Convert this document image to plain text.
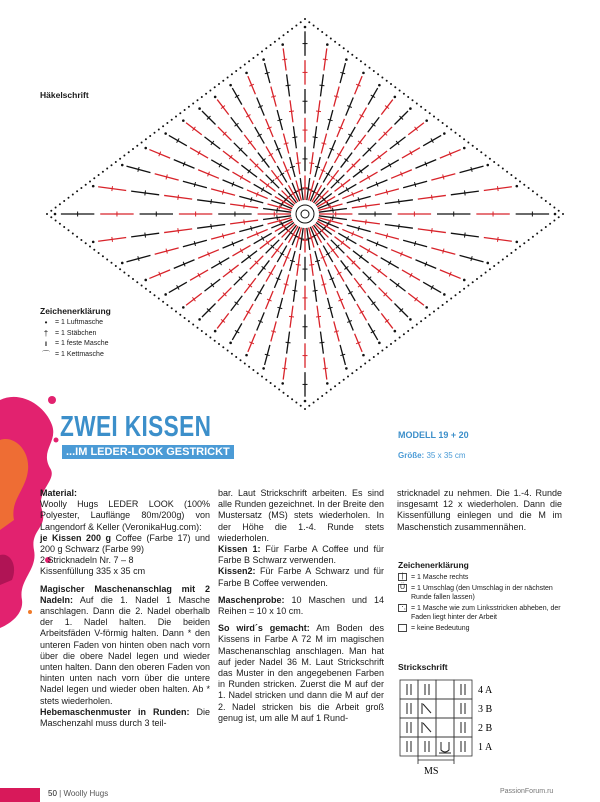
Häkelschrift
Zeichenerklärung
•	= 1 Luftmasche
† = 1 Stäbchen
ı	= 1 feste Masche
⌒ = 1 Kettmasche
ZWEI KISSEN
...IM LEDER-LOOK GESTRICKT
MODELL 19 + 20
Größe: 35 x 35 cm

Material:
Woolly Hugs LEDER LOOK (100% Polyester, Lauflänge 80m/200g) von Langendorf & Keller (VeronikaHug.com):
je Kissen 200 g Coffee (Farbe 17) und 200 g Schwarz (Farbe 99)
2 Stricknadeln Nr. 7 – 8
Kissenfüllung 335 x 35 cm

Magischer Maschenanschlag mit 2 Nadeln: Auf die 1. Nadel 1 Masche anschlagen. Dann die 2. Nadel oberhalb der 1. Nadel halten. Die beiden Arbeitsfäden V-förmig halten. Dann * den unteren Faden von hinten oben nach vorn über die obere Nadel legen und wieder unten halten. Dann den oberen Faden von hinten unten nach vorn über die untere Nadel legen und wieder oben halten. Ab * stets wiederholen.
Hebemaschenmuster in Runden: Die Maschenzahl muss durch 3 teil-

bar. Laut Strickschrift arbeiten. Es sind alle Runden gezeichnet. In der Breite den Mustersatz (MS) stets wiederholen. In der Höhe die 1.-4. Runde stets wiederholen.
Kissen 1: Für Farbe A Coffee und für Farbe B Schwarz verwenden.
Kissen2: Für Farbe A Schwarz und für Farbe B Coffee verwenden.

Maschenprobe: 10 Maschen und 14 Reihen = 10 x 10 cm.

So wird´s gemacht: Am Boden des Kissens in Farbe A 72 M im magischen Maschenanschlag anschlagen. Man hat auf jeder Nadel 36 M. Laut Strickschrift das Muster in den angegebenen Farben in Runden stricken. Zuerst die M auf der 1. Nadel stricken und dann die M auf der 2. Nadel stricken bis die Arbeit groß genug ist, um alle M auf 1 Rund-

stricknadel zu nehmen. Die 1.-4. Runde insgesamt 12 x wiederholen. Dann die Kissenfüllung einlegen und die M im Maschenstich zusammennähen.

Zeichenerklärung
|	= 1 Masche rechts
Ü = 1 Umschlag (den Umschlag in der nächsten Runde fallen lassen)
⋱ = 1 Masche wie zum Linksstricken abheben, der Faden liegt hinter der Arbeit
= keine Bedeutung
Strickschrift
4 A
3 B
2 B
1 A
MS
50 | Woolly Hugs	PassionForum.ru
